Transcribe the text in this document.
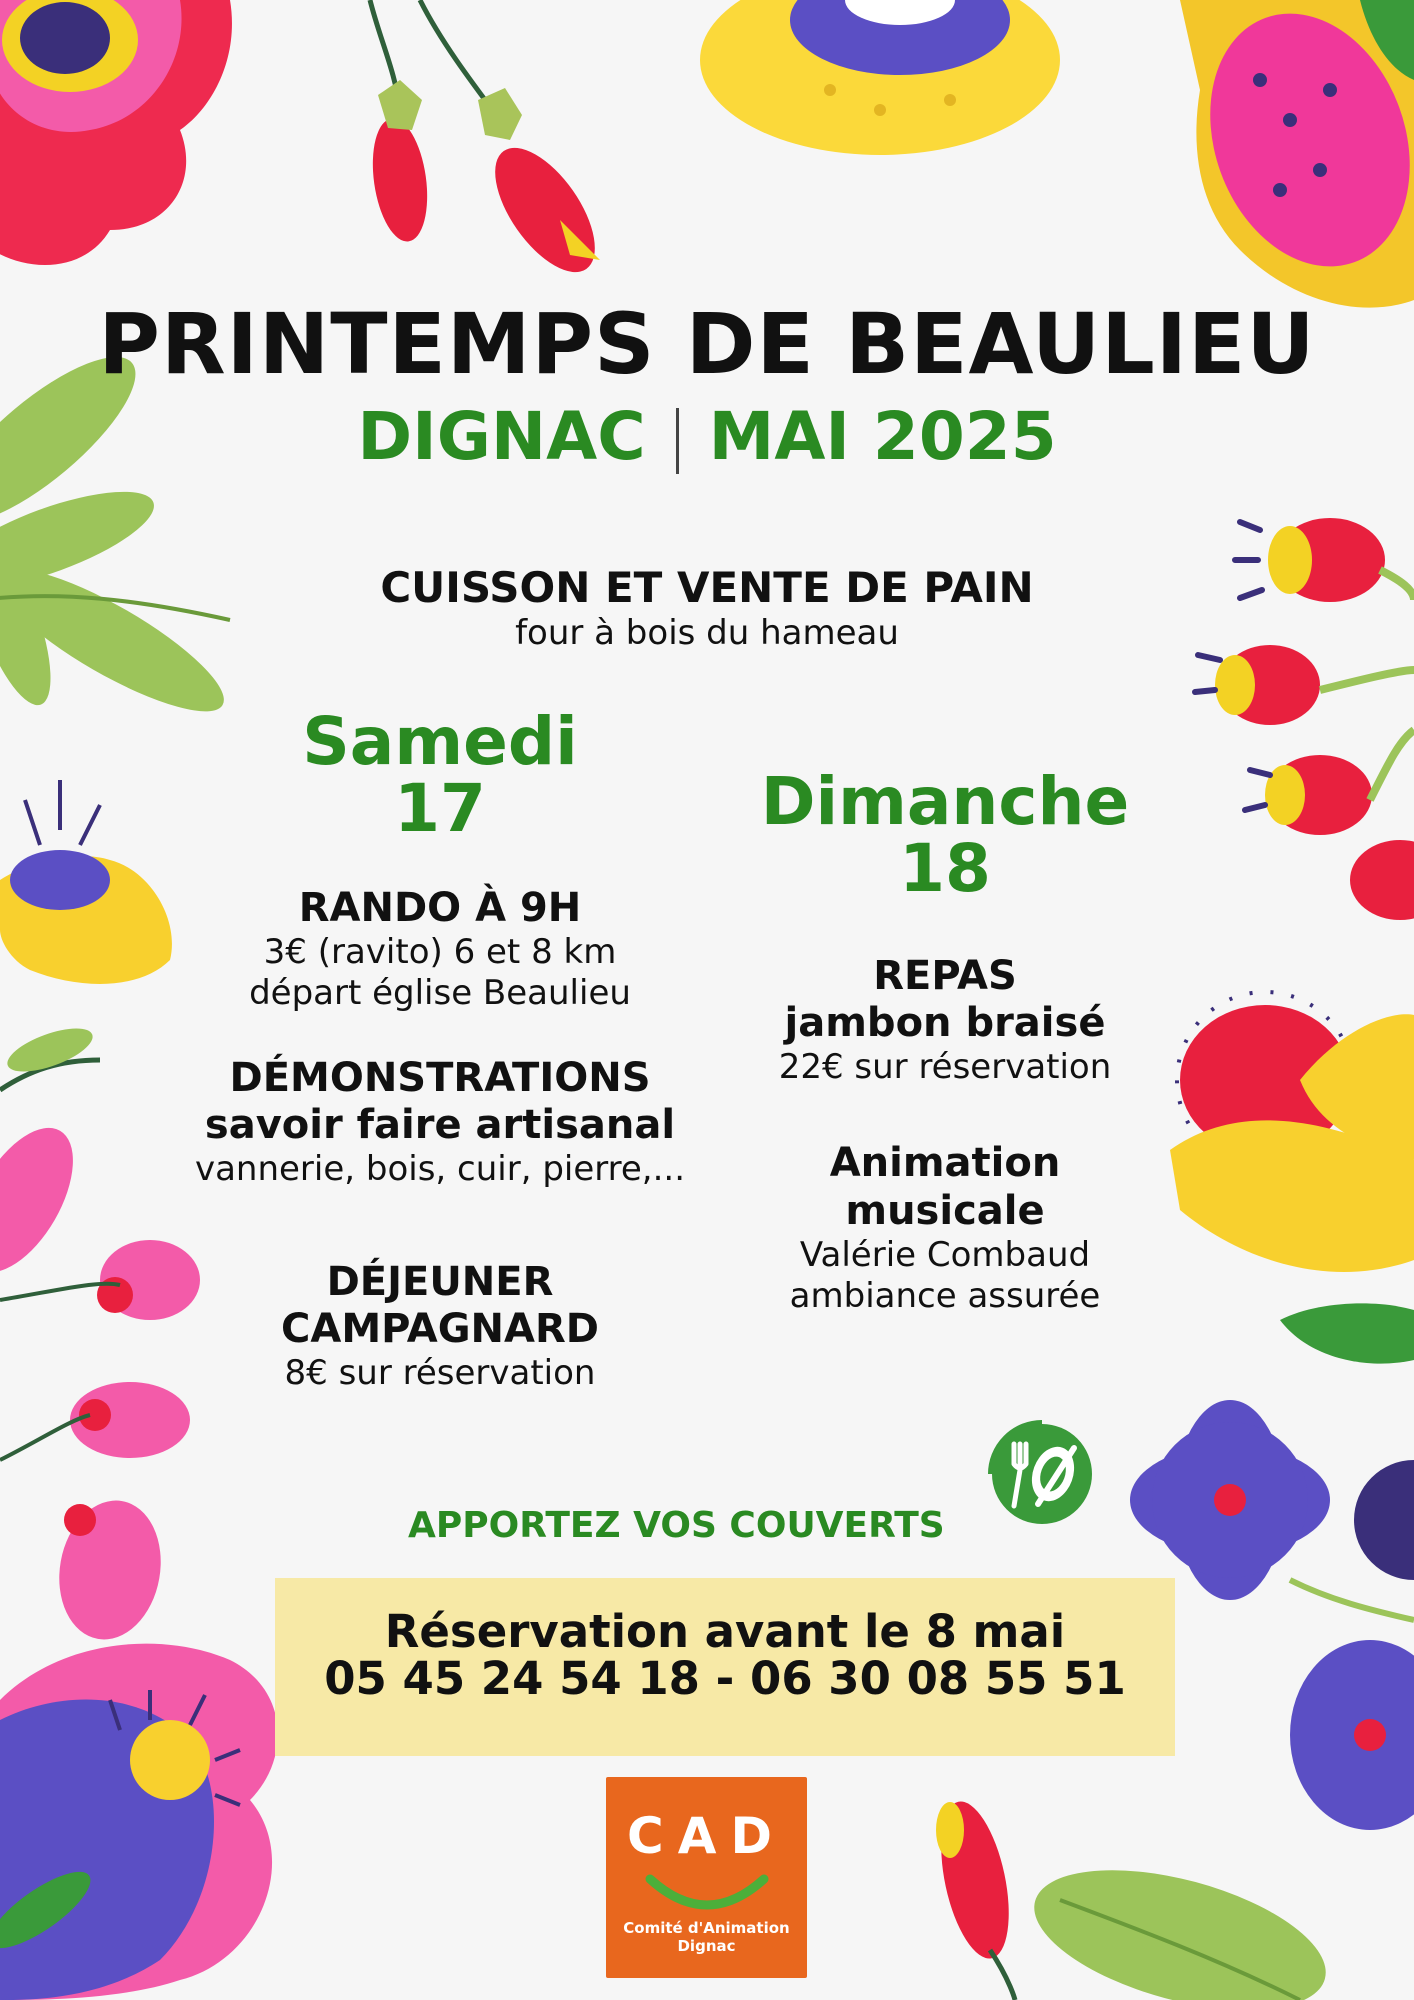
PRINTEMPS DE BEAULIEU
DIGNAC MAI 2025
CUISSON ET VENTE DE PAIN
four à bois du hameau
Samedi
17
RANDO À 9H
3€ (ravito) 6 et 8 km
départ église Beaulieu
DÉMONSTRATIONS
savoir faire artisanal
vannerie, bois, cuir, pierre,...
DÉJEUNER
CAMPAGNARD
8€ sur réservation
Dimanche
18
REPAS
jambon braisé
22€ sur réservation
Animation
musicale
Valérie Combaud
ambiance assurée
APPORTEZ VOS COUVERTS
Réservation avant le 8 mai
05 45 24 54 18 - 06 30 08 55 51
CAD
Comité d'Animation
Dignac
